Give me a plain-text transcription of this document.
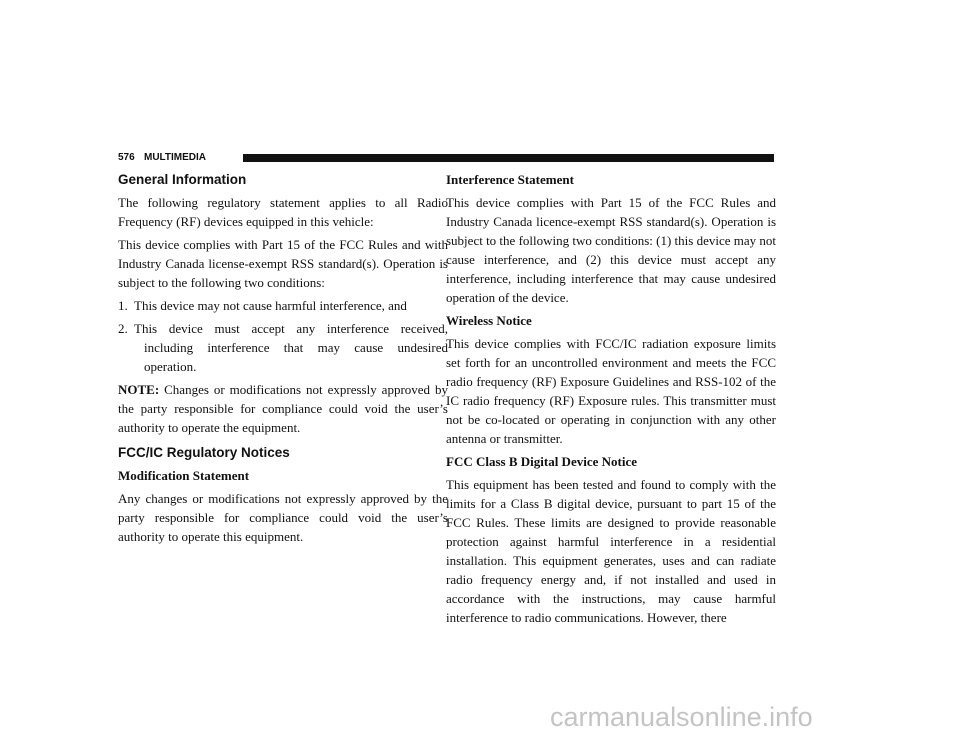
576 MULTIMEDIA
General Information

The following regulatory statement applies to all Radio Frequency (RF) devices equipped in this vehicle:

This device complies with Part 15 of the FCC Rules and with Industry Canada license-exempt RSS standard(s). Operation is subject to the following two conditions:

1. This device may not cause harmful interference, and

2. This device must accept any interference received, including interference that may cause undesired operation.

NOTE: Changes or modifications not expressly approved by the party responsible for compliance could void the user’s authority to operate the equipment.

FCC/IC Regulatory Notices
Modification Statement

Any changes or modifications not expressly approved by the party responsible for compliance could void the user’s authority to operate this equipment.

Interference Statement

This device complies with Part 15 of the FCC Rules and Industry Canada licence-exempt RSS standard(s). Operation is subject to the following two conditions: (1) this device may not cause interference, and (2) this device must accept any interference, including interference that may cause undesired operation of the device.

Wireless Notice

This device complies with FCC/IC radiation exposure limits set forth for an uncontrolled environment and meets the FCC radio frequency (RF) Exposure Guidelines and RSS-102 of the IC radio frequency (RF) Exposure rules. This transmitter must not be co-located or operating in conjunction with any other antenna or transmitter.

FCC Class B Digital Device Notice

This equipment has been tested and found to comply with the limits for a Class B digital device, pursuant to part 15 of the FCC Rules. These limits are designed to provide reasonable protection against harmful interference in a residential installation. This equipment generates, uses and can radiate radio frequency energy and, if not installed and used in accordance with the instructions, may cause harmful interference to radio communications. However, there

carmanualsonline.info
